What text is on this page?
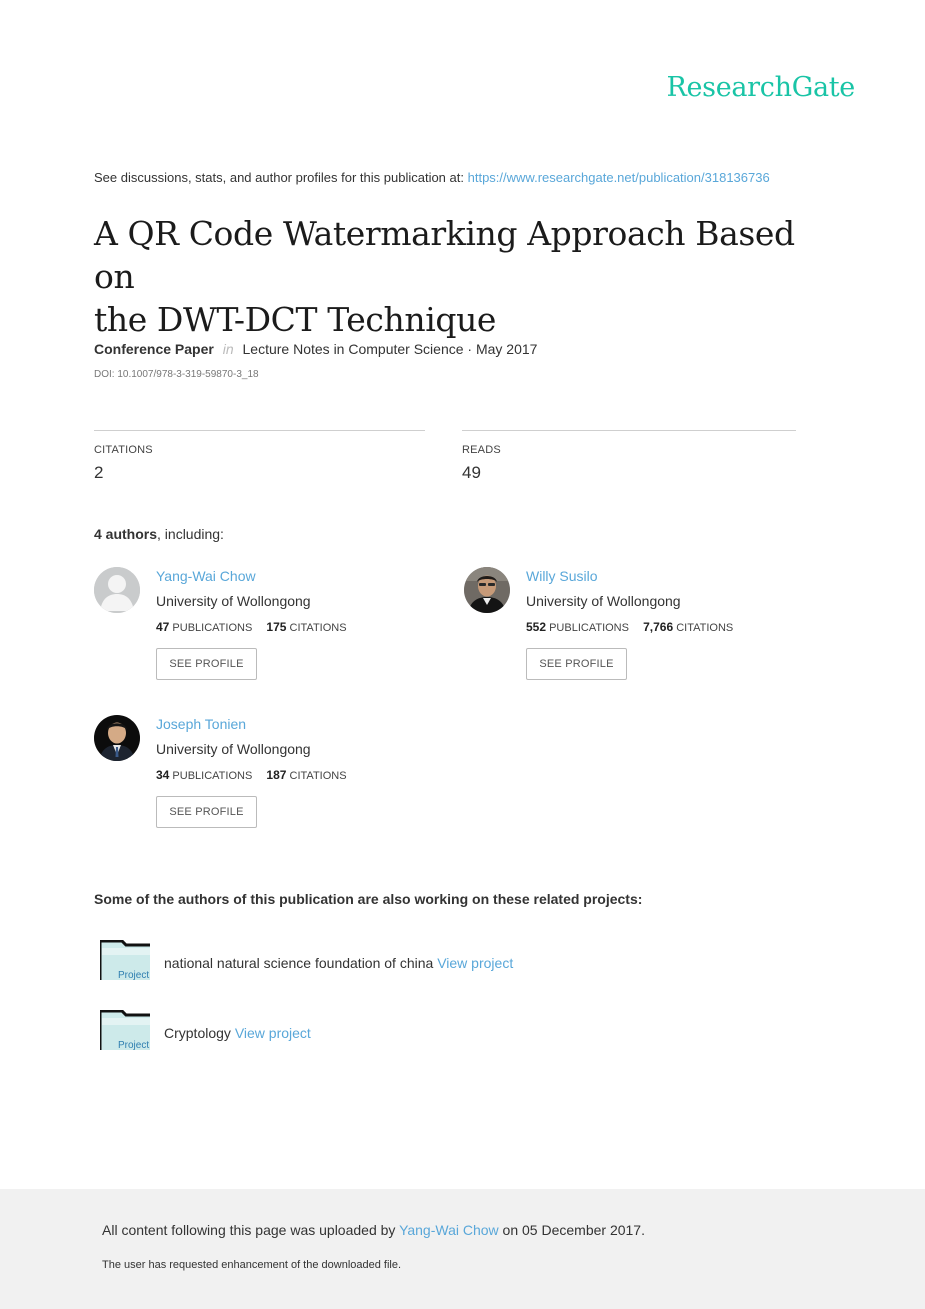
ResearchGate
See discussions, stats, and author profiles for this publication at: https://www.researchgate.net/publication/318136736
A QR Code Watermarking Approach Based on
the DWT-DCT Technique
Conference Paper in Lecture Notes in Computer Science · May 2017
DOI: 10.1007/978-3-319-59870-3_18
CITATIONS
2
READS
49
4 authors, including:
Yang-Wai Chow
University of Wollongong
47 PUBLICATIONS 175 CITATIONS
SEE PROFILE
Willy Susilo
University of Wollongong
552 PUBLICATIONS 7,766 CITATIONS
SEE PROFILE
Joseph Tonien
University of Wollongong
34 PUBLICATIONS 187 CITATIONS
SEE PROFILE
Some of the authors of this publication are also working on these related projects:
Project
national natural science foundation of china View project
Project
Cryptology View project
All content following this page was uploaded by Yang-Wai Chow on 05 December 2017.
The user has requested enhancement of the downloaded file.
